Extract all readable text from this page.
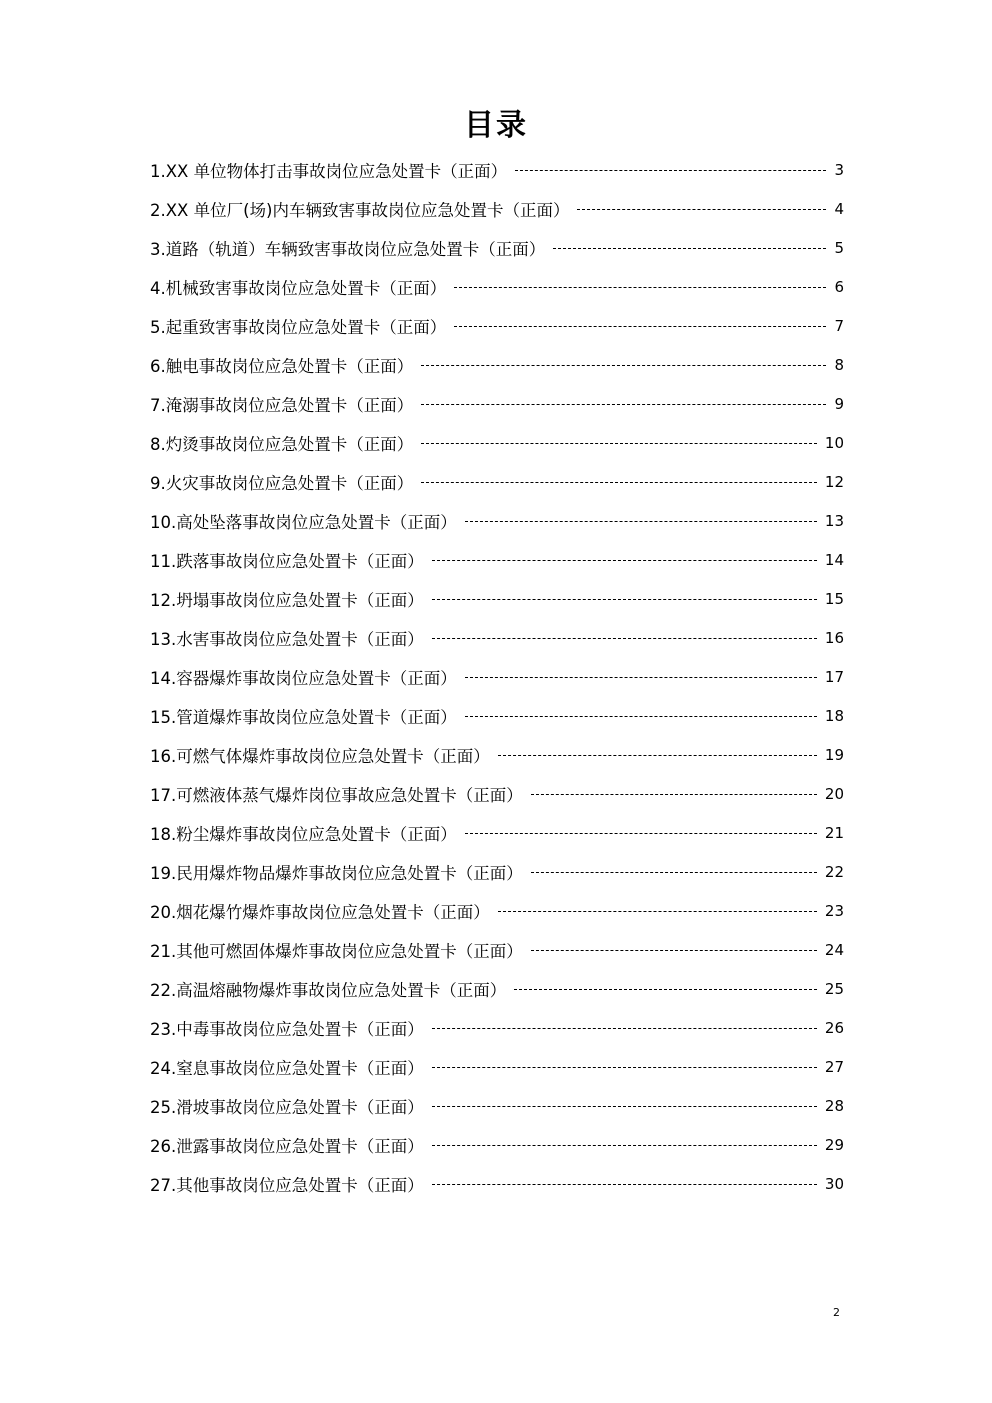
目录
1.XX 单位物体打击事故岗位应急处置卡（正面）	3
2.XX 单位厂(场)内车辆致害事故岗位应急处置卡（正面）	4
3.道路（轨道）车辆致害事故岗位应急处置卡（正面）	5
4.机械致害事故岗位应急处置卡（正面）	6
5.起重致害事故岗位应急处置卡（正面）	7
6.触电事故岗位应急处置卡（正面）	8
7.淹溺事故岗位应急处置卡（正面）	9
8.灼烫事故岗位应急处置卡（正面）	10
9.火灾事故岗位应急处置卡（正面）	12
10.高处坠落事故岗位应急处置卡（正面）	13
11.跌落事故岗位应急处置卡（正面）	14
12.坍塌事故岗位应急处置卡（正面）	15
13.水害事故岗位应急处置卡（正面）	16
14.容器爆炸事故岗位应急处置卡（正面）	17
15.管道爆炸事故岗位应急处置卡（正面）	18
16.可燃气体爆炸事故岗位应急处置卡（正面）	19
17.可燃液体蒸气爆炸岗位事故应急处置卡（正面）	20
18.粉尘爆炸事故岗位应急处置卡（正面）	21
19.民用爆炸物品爆炸事故岗位应急处置卡（正面）	22
20.烟花爆竹爆炸事故岗位应急处置卡（正面）	23
21.其他可燃固体爆炸事故岗位应急处置卡（正面）	24
22.高温熔融物爆炸事故岗位应急处置卡（正面）	25
23.中毒事故岗位应急处置卡（正面）	26
24.窒息事故岗位应急处置卡（正面）	27
25.滑坡事故岗位应急处置卡（正面）	28
26.泄露事故岗位应急处置卡（正面）	29
27.其他事故岗位应急处置卡（正面）	30
2
